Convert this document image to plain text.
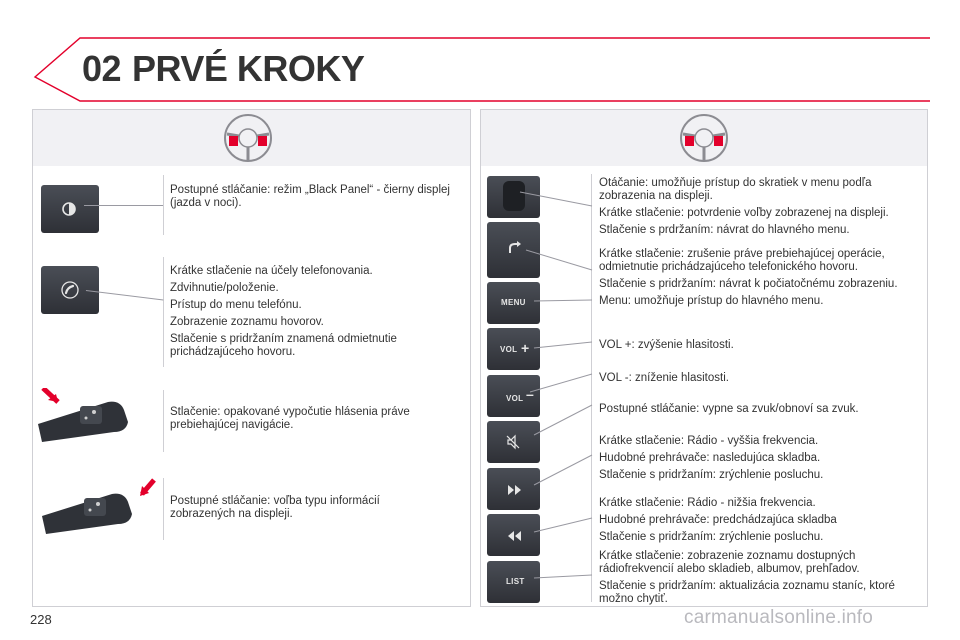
02 PRVÉ KROKY

Postupné stláčanie: režim „Black Panel“ - čierny displej (jazda v noci).

Krátke stlačenie na účely telefonovania.

Zdvihnutie/položenie.

Prístup do menu telefónu.

Zobrazenie zoznamu hovorov.

Stlačenie s pridržaním znamená odmietnutie prichádzajúceho hovoru.

Stlačenie: opakované vypočutie hlásenia práve prebiehajúcej navigácie.

Postupné stláčanie: voľba typu informácií zobrazených na displeji.

MENU
VOL +
VOL –
LIST

Otáčanie: umožňuje prístup do skratiek v menu podľa zobrazenia na displeji.

Krátke stlačenie: potvrdenie voľby zobrazenej na displeji.

Stlačenie s prdržaním: návrat do hlavného menu.

Krátke stlačenie: zrušenie práve prebiehajúcej operácie, odmietnutie prichádzajúceho telefonického hovoru.

Stlačenie s pridržaním: návrat k počiatočnému zobrazeniu.

Menu: umožňuje prístup do hlavného menu.

VOL +: zvýšenie hlasitosti.

VOL -: zníženie hlasitosti.

Postupné stláčanie: vypne sa zvuk/obnoví sa zvuk.

Krátke stlačenie: Rádio - vyššia frekvencia.

Hudobné prehrávače: nasledujúca skladba.

Stlačenie s pridržaním: zrýchlenie posluchu.

Krátke stlačenie: Rádio - nižšia frekvencia.

Hudobné prehrávače: predchádzajúca skladba

Stlačenie s pridržaním: zrýchlenie posluchu.

Krátke stlačenie: zobrazenie zoznamu dostupných rádiofrekvencií alebo skladieb, albumov, prehľadov.

Stlačenie s pridržaním: aktualizácia zoznamu staníc, ktoré možno chytiť.

228	carmanualsonline.info
